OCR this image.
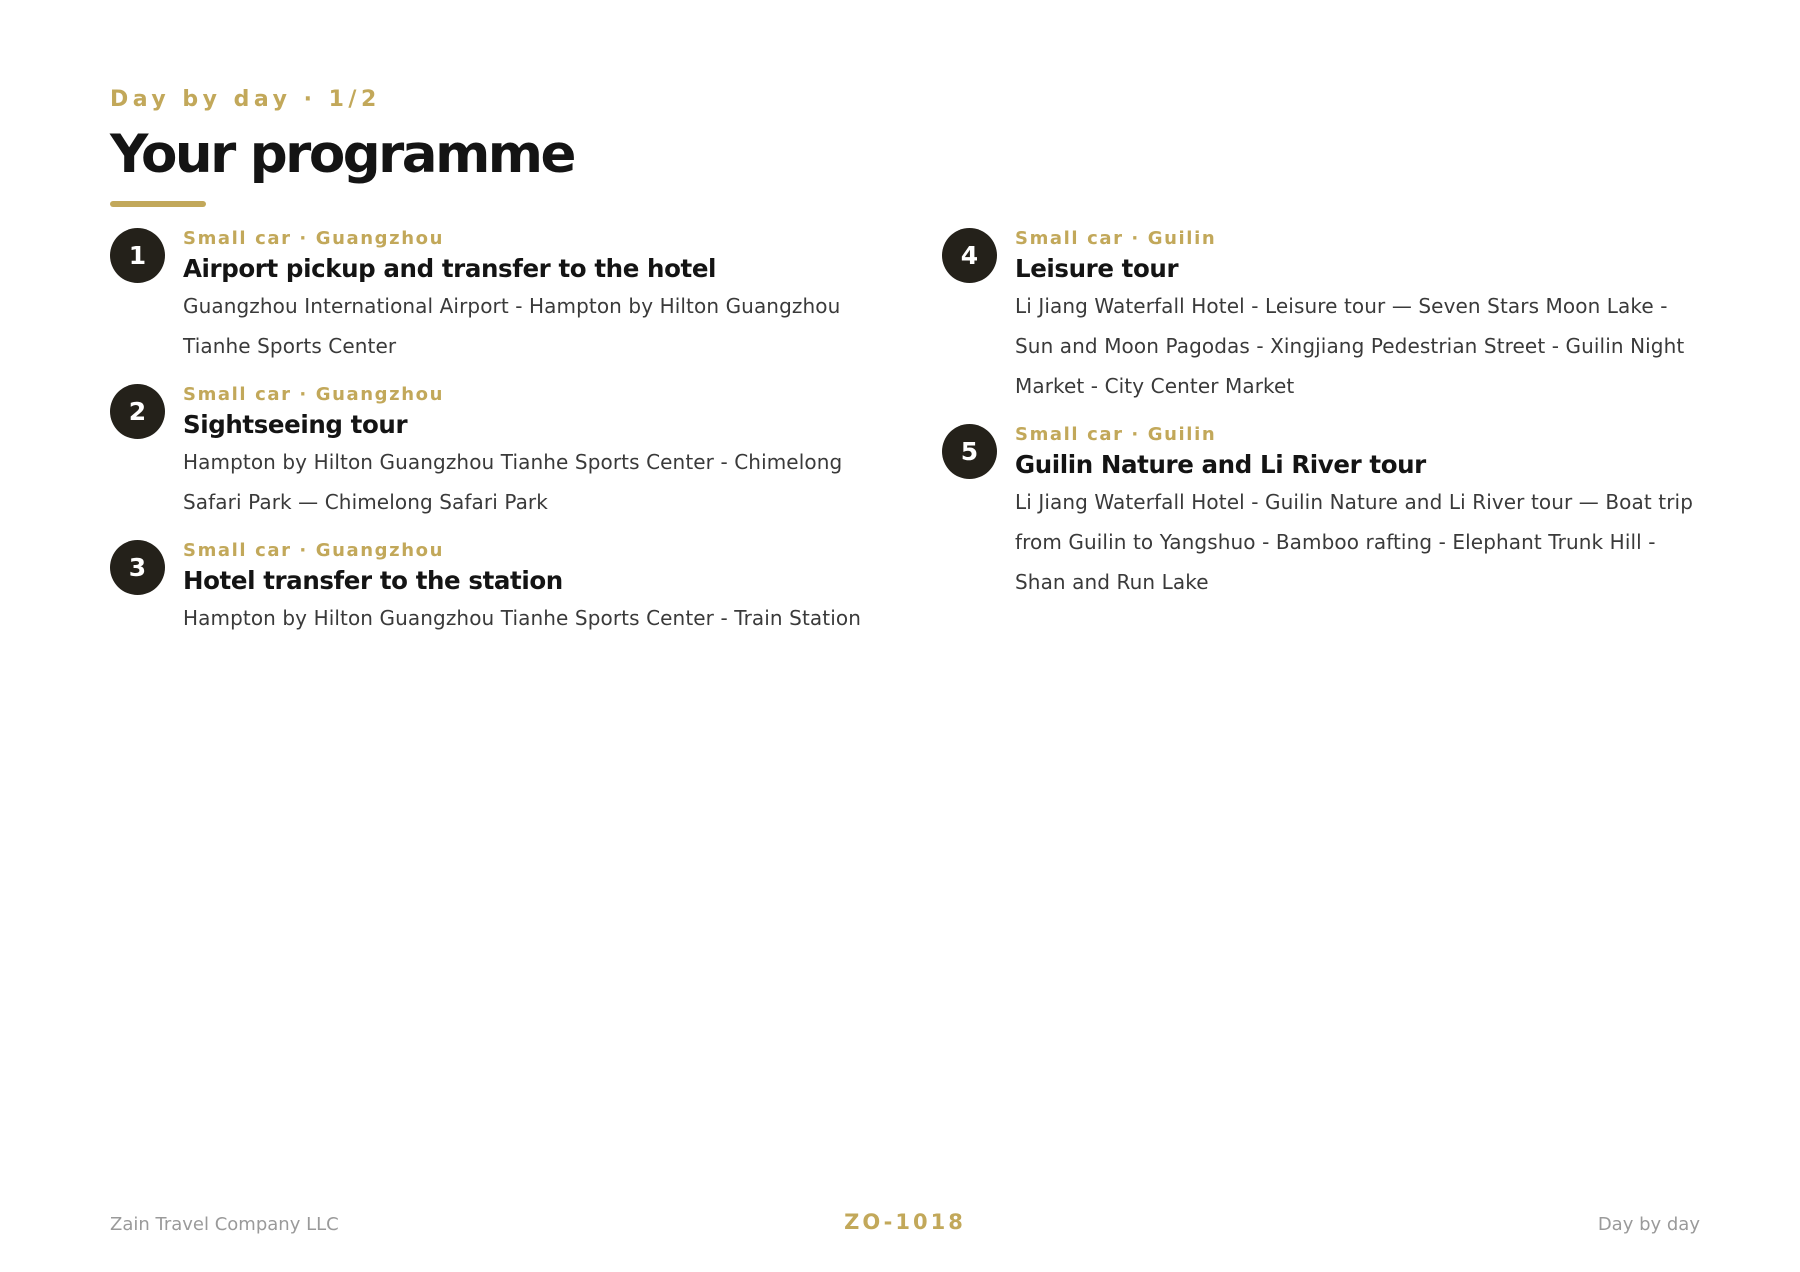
Day by day · 1/2
Your programme
1
Small car · Guangzhou
Airport pickup and transfer to the hotel
Guangzhou International Airport - Hampton by Hilton Guangzhou Tianhe Sports Center
2
Small car · Guangzhou
Sightseeing tour
Hampton by Hilton Guangzhou Tianhe Sports Center - Chimelong Safari Park — Chimelong Safari Park
3
Small car · Guangzhou
Hotel transfer to the station
Hampton by Hilton Guangzhou Tianhe Sports Center - Train Station
4
Small car · Guilin
Leisure tour
Li Jiang Waterfall Hotel - Leisure tour — Seven Stars Moon Lake - Sun and Moon Pagodas - Xingjiang Pedestrian Street - Guilin Night Market - City Center Market
5
Small car · Guilin
Guilin Nature and Li River tour
Li Jiang Waterfall Hotel - Guilin Nature and Li River tour — Boat trip from Guilin to Yangshuo - Bamboo rafting - Elephant Trunk Hill - Shan and Run Lake
Zain Travel Company LLC	ZO-1018	Day by day
